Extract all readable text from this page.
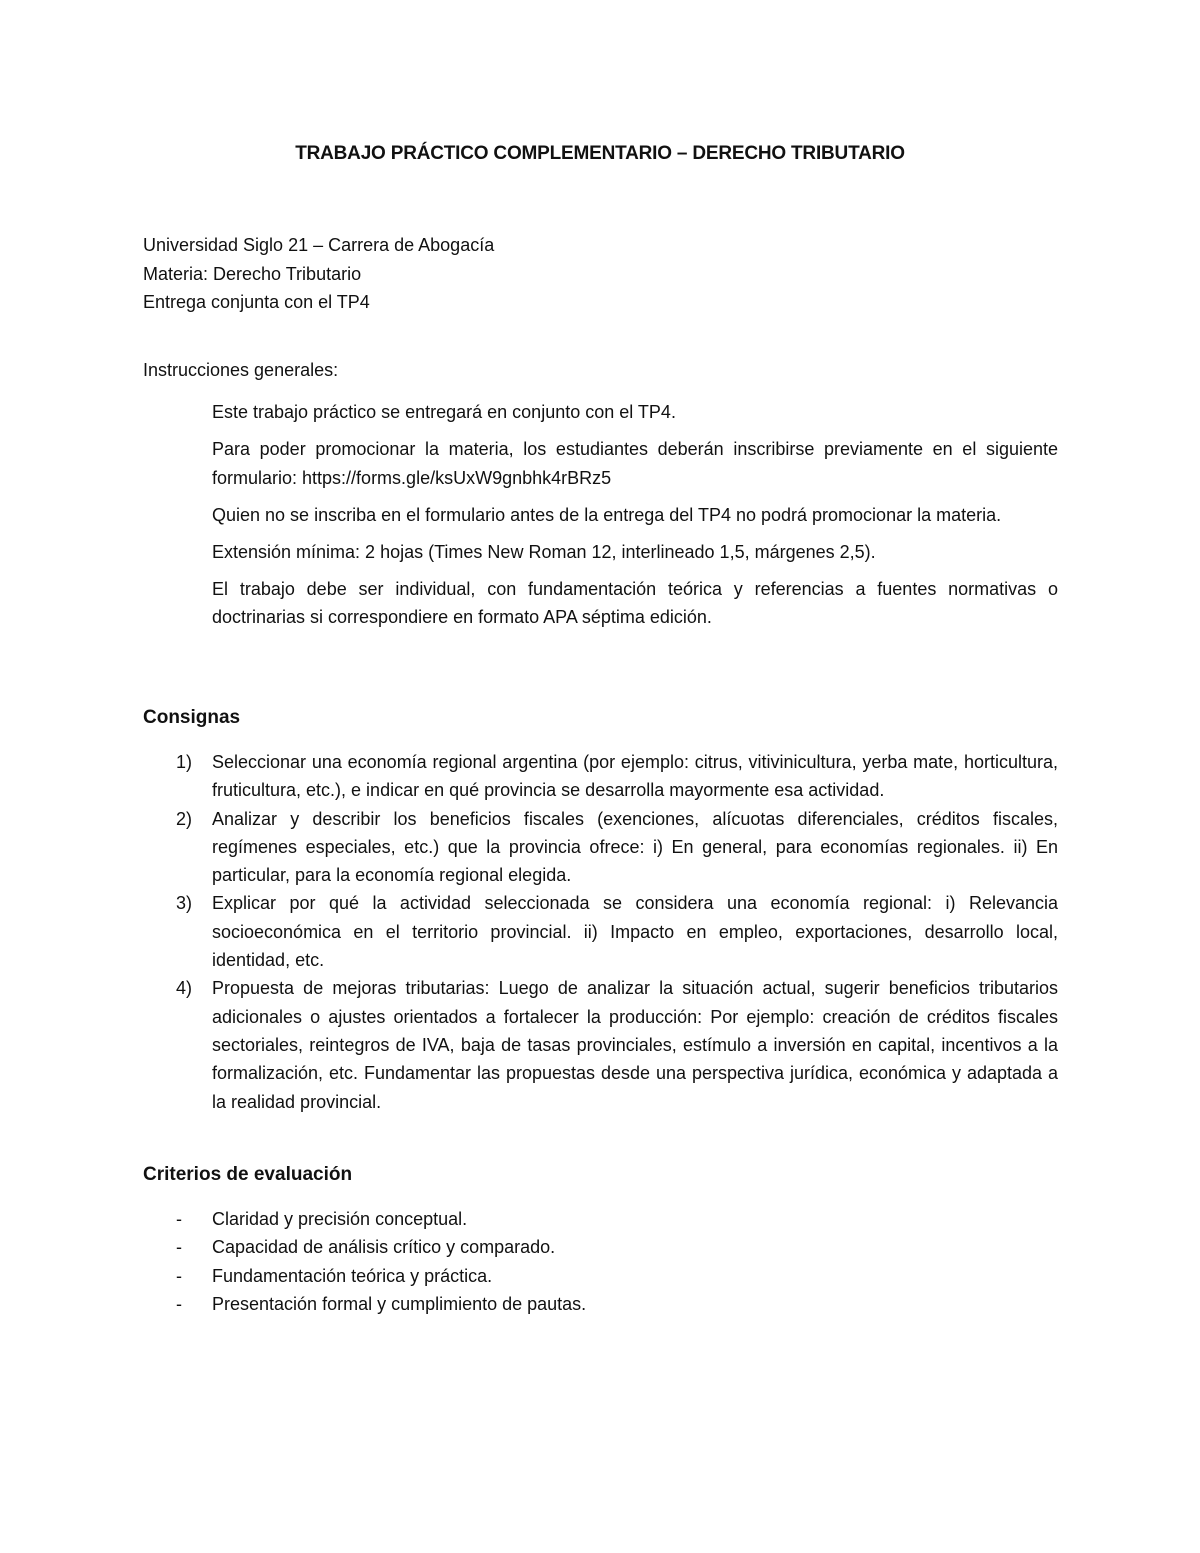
TRABAJO PRÁCTICO COMPLEMENTARIO – DERECHO TRIBUTARIO
Universidad Siglo 21 – Carrera de Abogacía
Materia: Derecho Tributario
Entrega conjunta con el TP4
Instrucciones generales:

Este trabajo práctico se entregará en conjunto con el TP4.

Para poder promocionar la materia, los estudiantes deberán inscribirse previamente en el siguiente formulario: https://forms.gle/ksUxW9gnbhk4rBRz5

Quien no se inscriba en el formulario antes de la entrega del TP4 no podrá promocionar la materia.

Extensión mínima: 2 hojas (Times New Roman 12, interlineado 1,5, márgenes 2,5).

El trabajo debe ser individual, con fundamentación teórica y referencias a fuentes normativas o doctrinarias si correspondiere en formato APA séptima edición.

Consignas
1) Seleccionar una economía regional argentina (por ejemplo: citrus, vitivinicultura, yerba mate, horticultura, fruticultura, etc.), e indicar en qué provincia se desarrolla mayormente esa actividad.
2) Analizar y describir los beneficios fiscales (exenciones, alícuotas diferenciales, créditos fiscales, regímenes especiales, etc.) que la provincia ofrece: i) En general, para economías regionales. ii) En particular, para la economía regional elegida.
3) Explicar por qué la actividad seleccionada se considera una economía regional: i) Relevancia socioeconómica en el territorio provincial. ii) Impacto en empleo, exportaciones, desarrollo local, identidad, etc.
4) Propuesta de mejoras tributarias: Luego de analizar la situación actual, sugerir beneficios tributarios adicionales o ajustes orientados a fortalecer la producción: Por ejemplo: creación de créditos fiscales sectoriales, reintegros de IVA, baja de tasas provinciales, estímulo a inversión en capital, incentivos a la formalización, etc. Fundamentar las propuestas desde una perspectiva jurídica, económica y adaptada a la realidad provincial.
Criterios de evaluación
- Claridad y precisión conceptual.
- Capacidad de análisis crítico y comparado.
- Fundamentación teórica y práctica.
- Presentación formal y cumplimiento de pautas.
